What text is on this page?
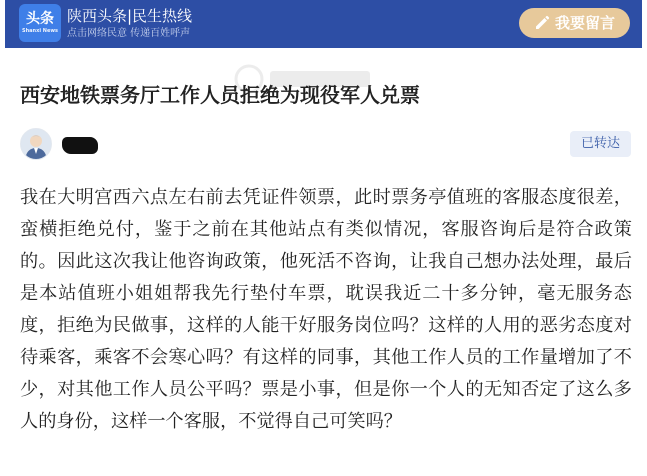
头条
Shanxi News
陕西头条|民生热线
点击网络民意 传递百姓呼声
我要留言
西安地铁票务厅工作人员拒绝为现役军人兑票
已转达

我在大明宫西六点左右前去凭证件领票，此时票务亭值班的客服态度很差，蛮横拒绝兑付，鉴于之前在其他站点有类似情况，客服咨询后是符合政策的。因此这次我让他咨询政策，他死活不咨询，让我自己想办法处理，最后是本站值班小姐姐帮我先行垫付车票，耽误我近二十多分钟，毫无服务态度，拒绝为民做事，这样的人能干好服务岗位吗？这样的人用的恶劣态度对待乘客，乘客不会寒心吗？有这样的同事，其他工作人员的工作量增加了不少，对其他工作人员公平吗？票是小事，但是你一个人的无知否定了这么多人的身份，这样一个客服，不觉得自己可笑吗？
